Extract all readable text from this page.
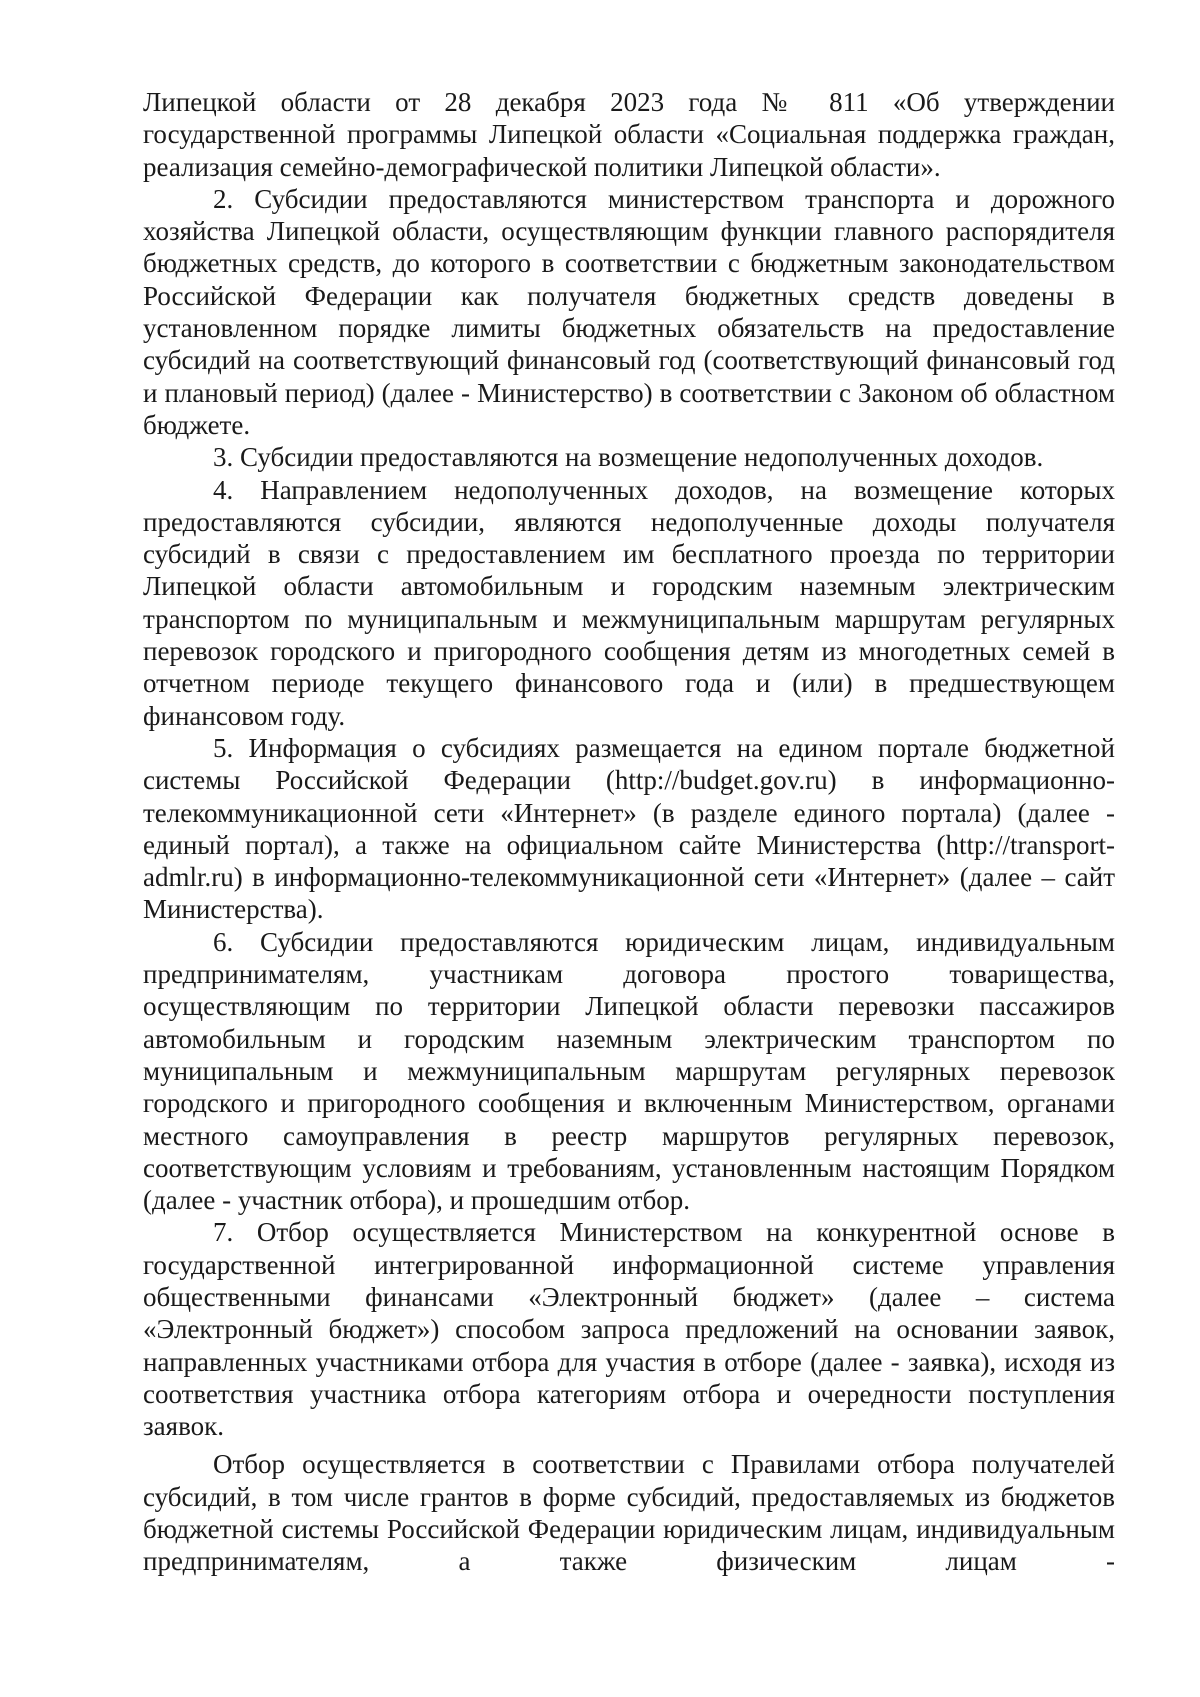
Липецкой области от 28 декабря 2023 года № 811 «Об утверждении государственной программы Липецкой области «Социальная поддержка граждан, реализация семейно-демографической политики Липецкой области».

2. Субсидии предоставляются министерством транспорта и дорожного хозяйства Липецкой области, осуществляющим функции главного распорядителя бюджетных средств, до которого в соответствии с бюджетным законодательством Российской Федерации как получателя бюджетных средств доведены в установленном порядке лимиты бюджетных обязательств на предоставление субсидий на соответствующий финансовый год (соответствующий финансовый год и плановый период) (далее - Министерство) в соответствии с Законом об областном бюджете.

3. Субсидии предоставляются на возмещение недополученных доходов.

4. Направлением недополученных доходов, на возмещение которых предоставляются субсидии, являются недополученные доходы получателя субсидий в связи с предоставлением им бесплатного проезда по территории Липецкой области автомобильным и городским наземным электрическим транспортом по муниципальным и межмуниципальным маршрутам регулярных перевозок городского и пригородного сообщения детям из многодетных семей в отчетном периоде текущего финансового года и (или) в предшествующем финансовом году.

5. Информация о субсидиях размещается на едином портале бюджетной системы Российской Федерации (http://budget.gov.ru) в информационно-телекоммуникационной сети «Интернет» (в разделе единого портала) (далее - единый портал), а также на официальном сайте Министерства (http://transport-admlr.ru) в информационно-телекоммуникационной сети «Интернет» (далее – сайт Министерства).

6. Субсидии предоставляются юридическим лицам, индивидуальным предпринимателям, участникам договора простого товарищества, осуществляющим по территории Липецкой области перевозки пассажиров автомобильным и городским наземным электрическим транспортом по муниципальным и межмуниципальным маршрутам регулярных перевозок городского и пригородного сообщения и включенным Министерством, органами местного самоуправления в реестр маршрутов регулярных перевозок, соответствующим условиям и требованиям, установленным настоящим Порядком (далее - участник отбора), и прошедшим отбор.

7. Отбор осуществляется Министерством на конкурентной основе в государственной интегрированной информационной системе управления общественными финансами «Электронный бюджет» (далее – система «Электронный бюджет») способом запроса предложений на основании заявок, направленных участниками отбора для участия в отборе (далее - заявка), исходя из соответствия участника отбора категориям отбора и очередности поступления заявок.

Отбор осуществляется в соответствии с Правилами отбора получателей субсидий, в том числе грантов в форме субсидий, предоставляемых из бюджетов бюджетной системы Российской Федерации юридическим лицам, индивидуальным предпринимателям, а также физическим лицам -
